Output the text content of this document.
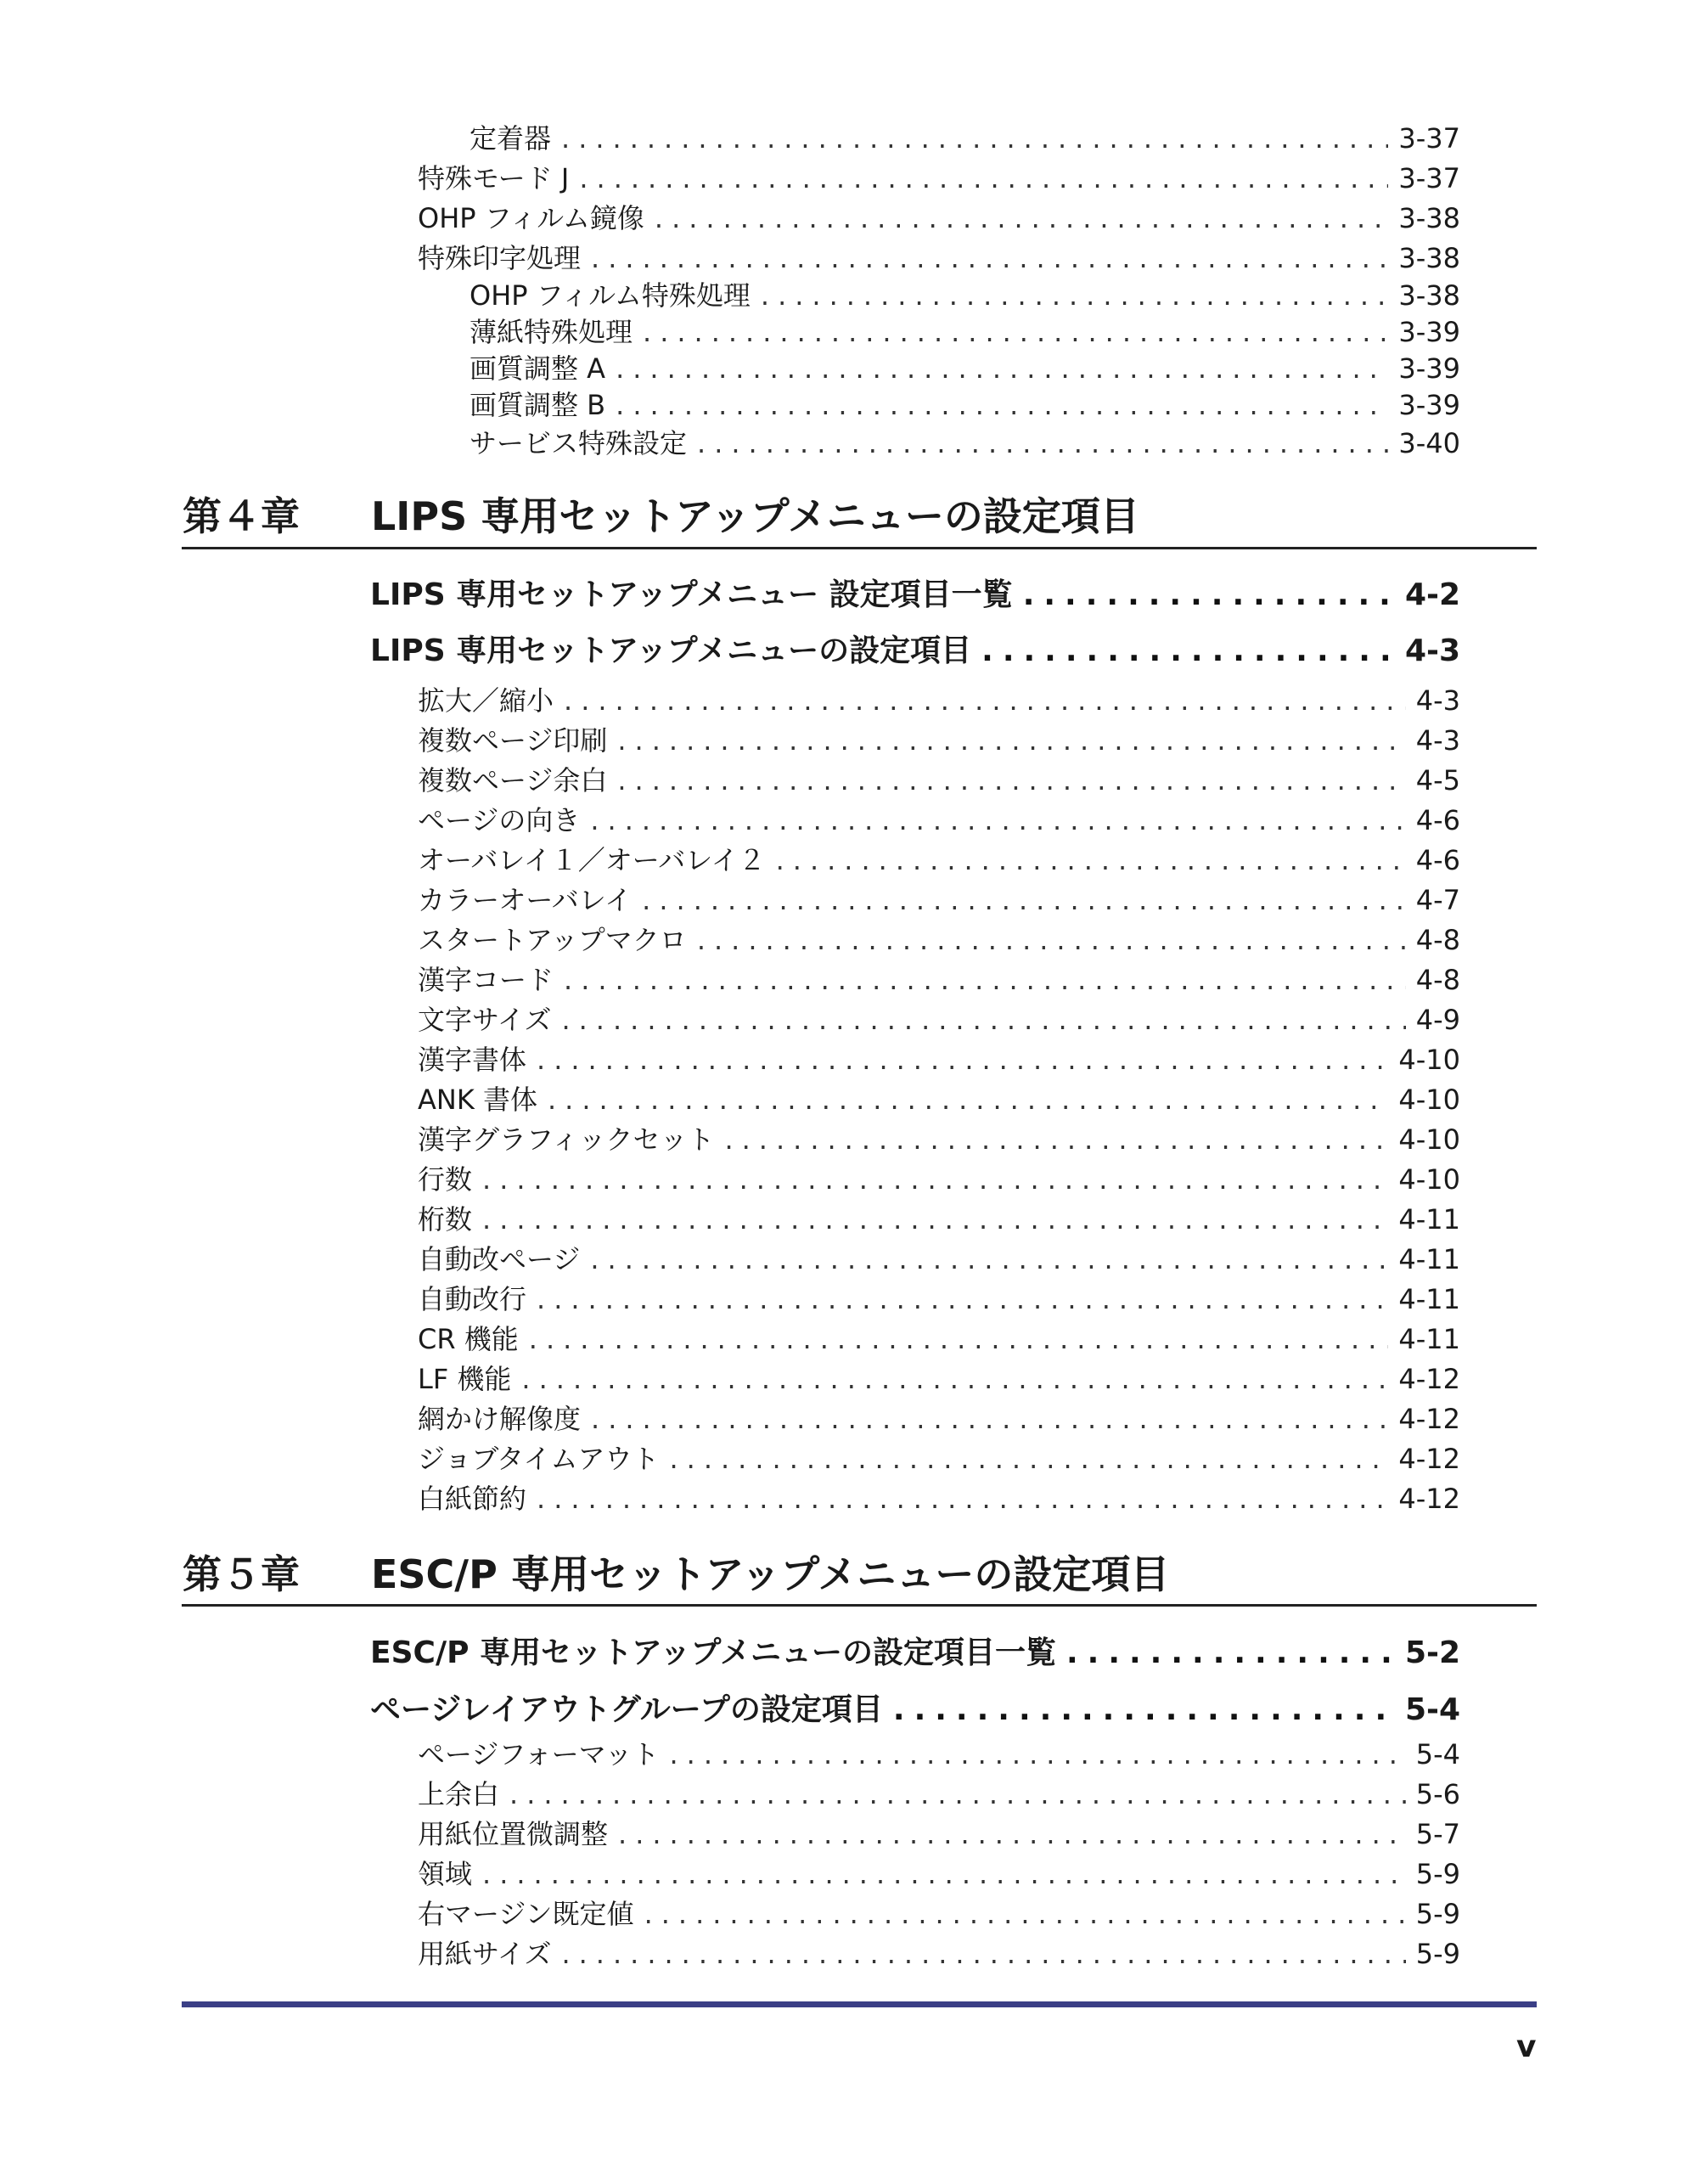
定着器 .....	3-37
特殊モード J .....	3-37
OHP フィルム鏡像 .....	3-38
特殊印字処理 .....	3-38
OHP フィルム特殊処理 .....	3-38
薄紙特殊処理 .....	3-39
画質調整 A .....	3-39
画質調整 B .....	3-39
サービス特殊設定 .....	3-40
第４章	LIPS 専用セットアップメニューの設定項目
LIPS 専用セットアップメニュー 設定項目一覧 .....	4-2
LIPS 専用セットアップメニューの設定項目 .....	4-3
拡大／縮小 .....	4-3
複数ページ印刷 .....	4-3
複数ページ余白 .....	4-5
ページの向き .....	4-6
オーバレイ１／オーバレイ２ .....	4-6
カラーオーバレイ .....	4-7
スタートアップマクロ .....	4-8
漢字コード .....	4-8
文字サイズ .....	4-9
漢字書体 .....	4-10
ANK 書体 .....	4-10
漢字グラフィックセット .....	4-10
行数 .....	4-10
桁数 .....	4-11
自動改ページ .....	4-11
自動改行 .....	4-11
CR 機能 .....	4-11
LF 機能 .....	4-12
網かけ解像度 .....	4-12
ジョブタイムアウト .....	4-12
白紙節約 .....	4-12
第５章	ESC/P 専用セットアップメニューの設定項目
ESC/P 専用セットアップメニューの設定項目一覧 .....	5-2
ページレイアウトグループの設定項目 .....	5-4
ページフォーマット .....	5-4
上余白 .....	5-6
用紙位置微調整 .....	5-7
領域 .....	5-9
右マージン既定値 .....	5-9
用紙サイズ .....	5-9
v
